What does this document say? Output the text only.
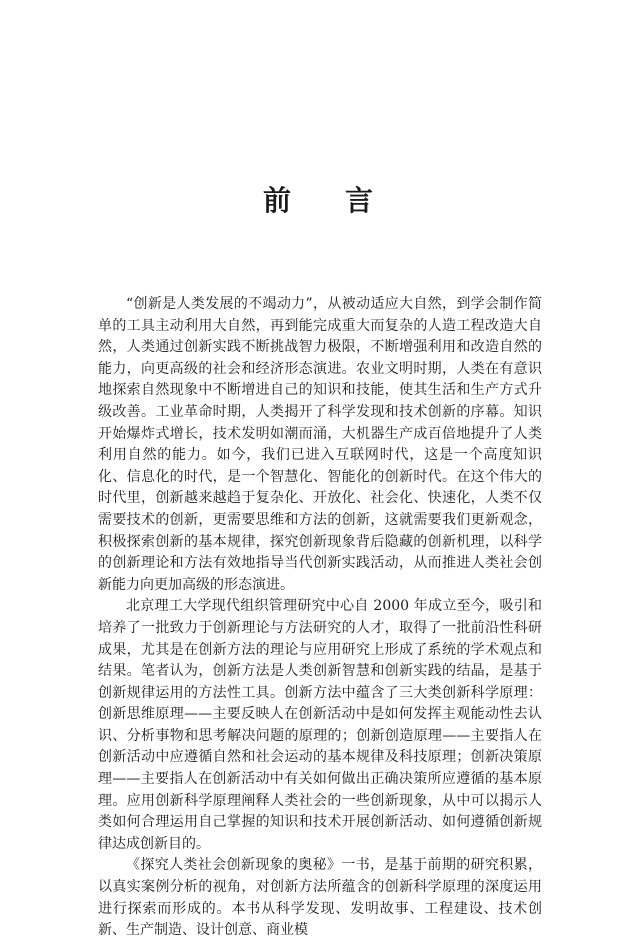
前 言

“创新是人类发展的不竭动力”，从被动适应大自然，到学会制作简单的工具主动利用大自然，再到能完成重大而复杂的人造工程改造大自然，人类通过创新实践不断挑战智力极限，不断增强利用和改造自然的能力，向更高级的社会和经济形态演进。农业文明时期，人类在有意识地探索自然现象中不断增进自己的知识和技能，使其生活和生产方式升级改善。工业革命时期，人类揭开了科学发现和技术创新的序幕。知识开始爆炸式增长，技术发明如潮而涌，大机器生产成百倍地提升了人类利用自然的能力。如今，我们已进入互联网时代，这是一个高度知识化、信息化的时代，是一个智慧化、智能化的创新时代。在这个伟大的时代里，创新越来越趋于复杂化、开放化、社会化、快速化，人类不仅需要技术的创新，更需要思维和方法的创新，这就需要我们更新观念，积极探索创新的基本规律，探究创新现象背后隐藏的创新机理，以科学的创新理论和方法有效地指导当代创新实践活动，从而推进人类社会创新能力向更加高级的形态演进。

北京理工大学现代组织管理研究中心自 2000 年成立至今，吸引和培养了一批致力于创新理论与方法研究的人才，取得了一批前沿性科研成果，尤其是在创新方法的理论与应用研究上形成了系统的学术观点和结果。笔者认为，创新方法是人类创新智慧和创新实践的结晶，是基于创新规律运用的方法性工具。创新方法中蕴含了三大类创新科学原理：创新思维原理——主要反映人在创新活动中是如何发挥主观能动性去认识、分析事物和思考解决问题的原理的；创新创造原理——主要指人在创新活动中应遵循自然和社会运动的基本规律及科技原理；创新决策原理——主要指人在创新活动中有关如何做出正确决策所应遵循的基本原理。应用创新科学原理阐释人类社会的一些创新现象，从中可以揭示人类如何合理运用自己掌握的知识和技术开展创新活动、如何遵循创新规律达成创新目的。

《探究人类社会创新现象的奥秘》一书，是基于前期的研究积累，以真实案例分析的视角，对创新方法所蕴含的创新科学原理的深度运用进行探索而形成的。本书从科学发现、发明故事、工程建设、技术创新、生产制造、设计创意、商业模
